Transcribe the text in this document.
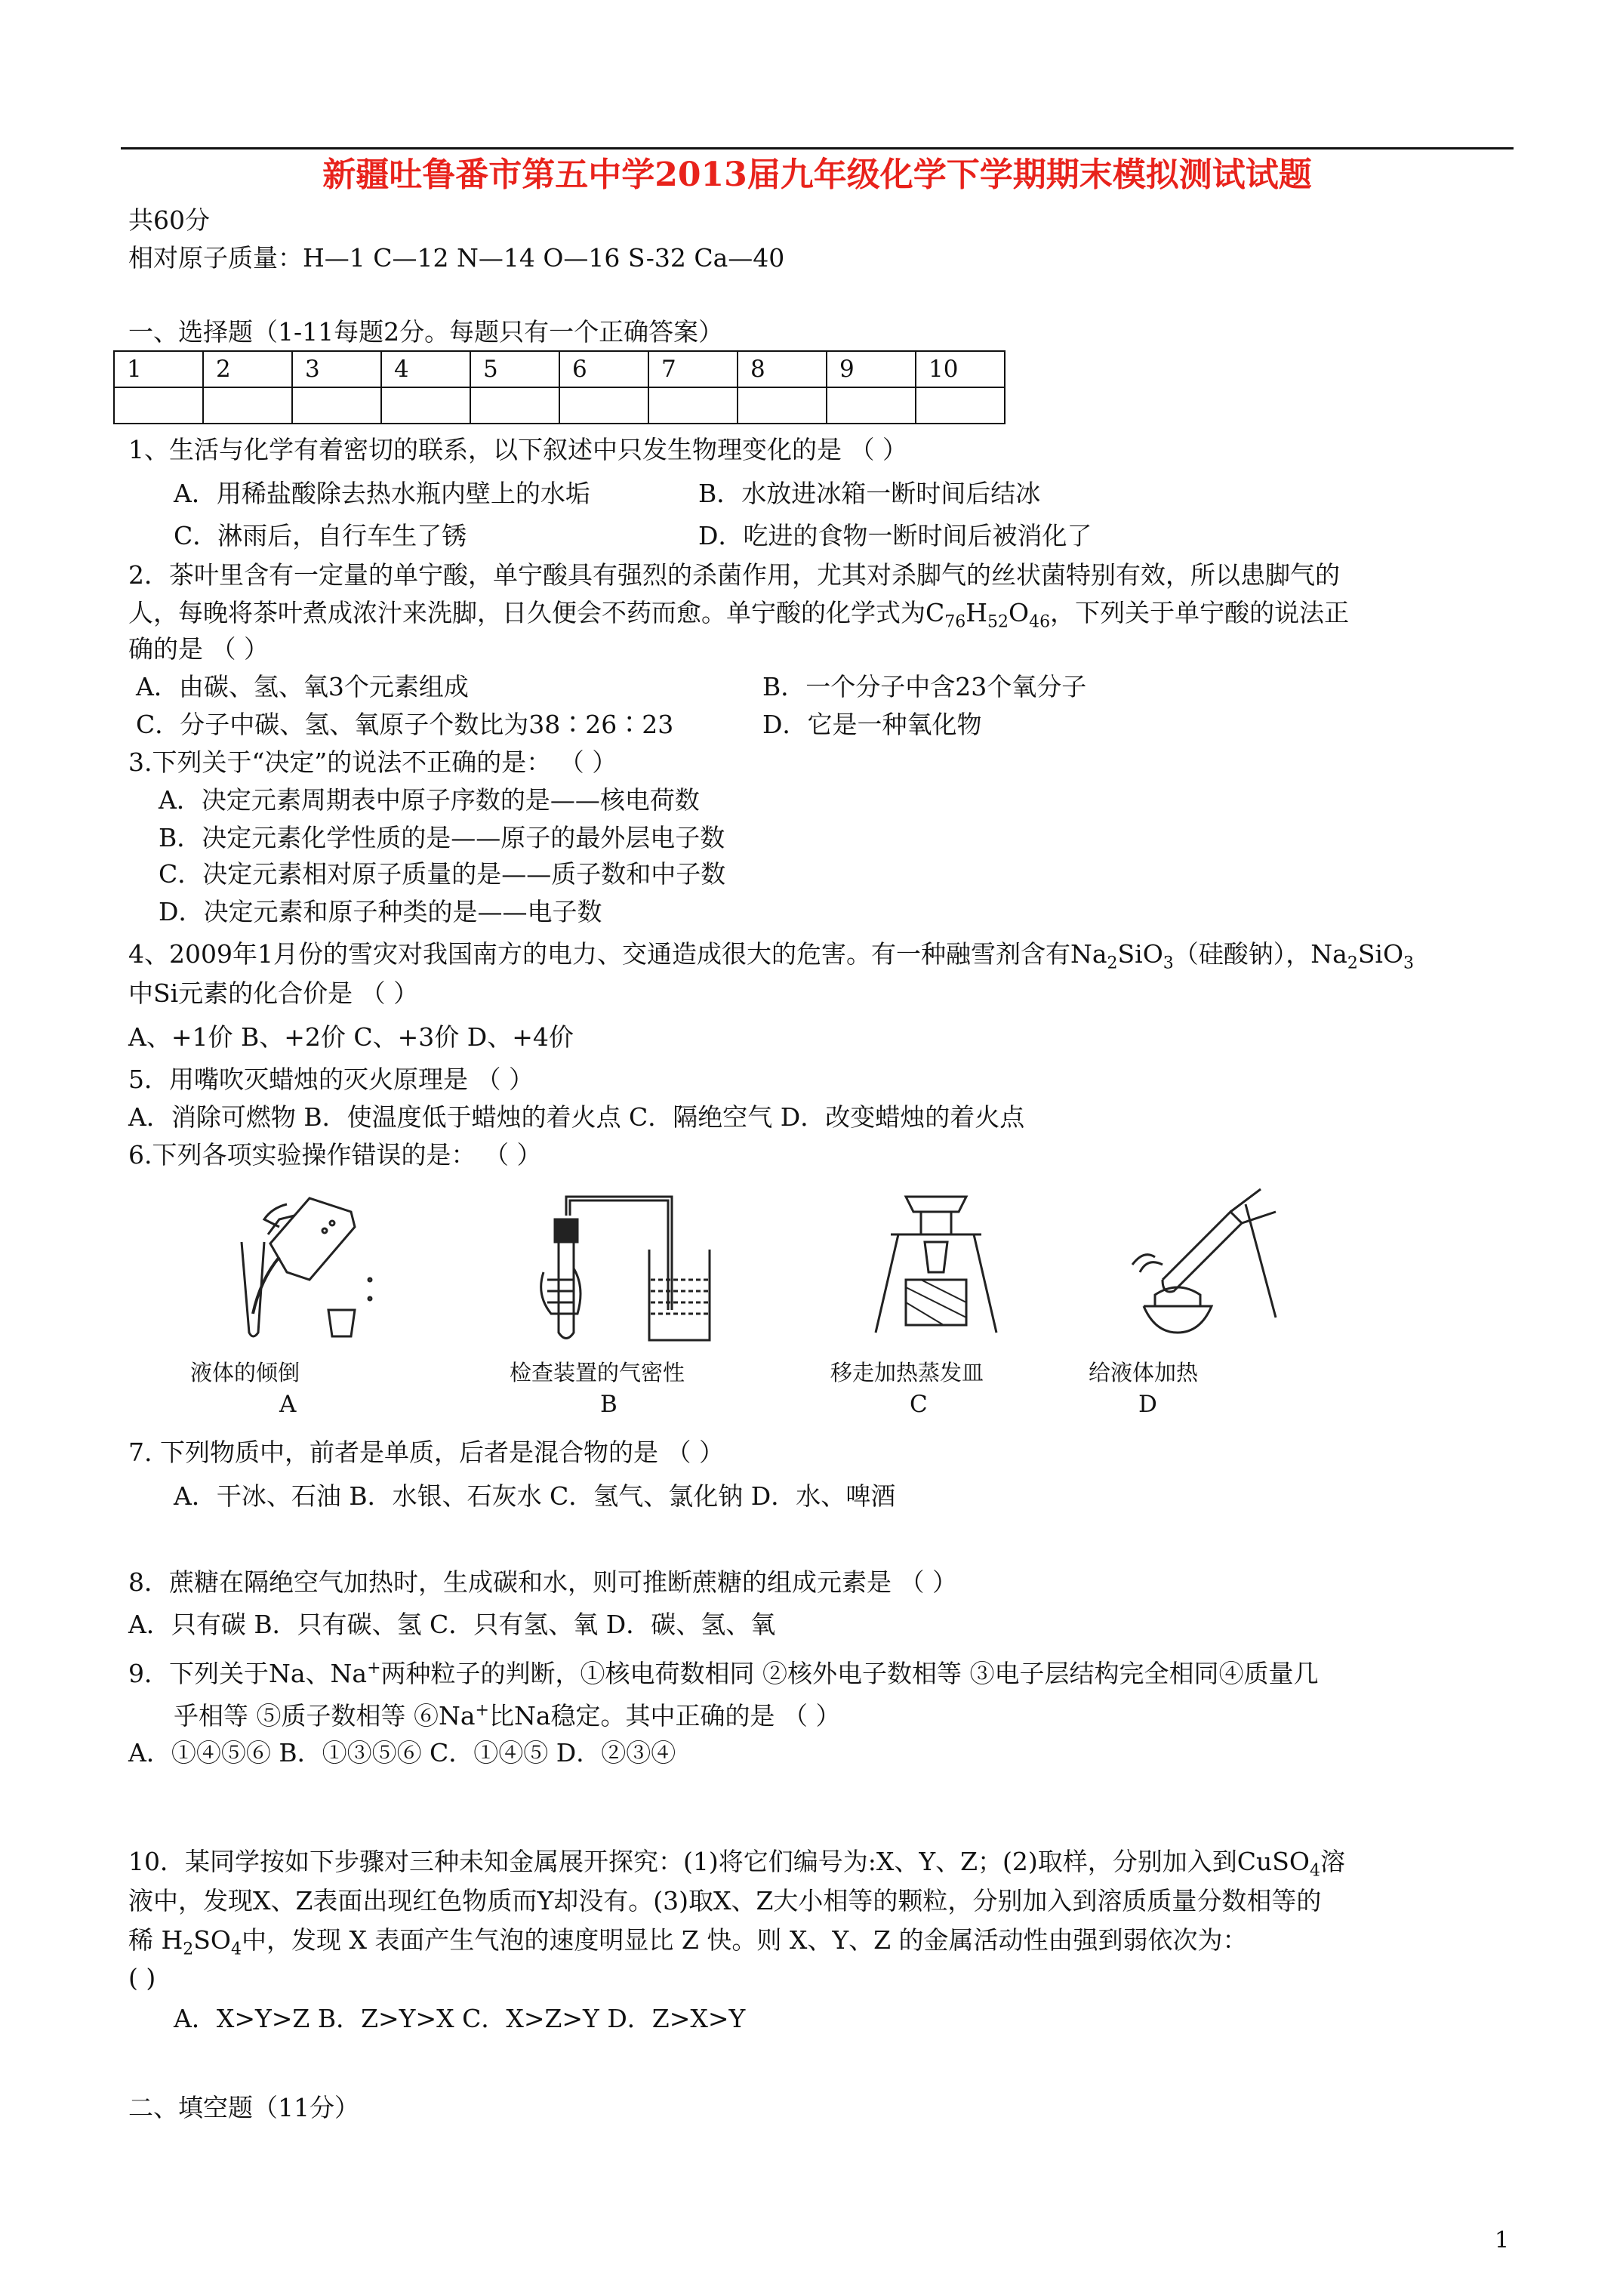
新疆吐鲁番市第五中学2013届九年级化学下学期期末模拟测试试题
共60分
相对原子质量：H—1 C—12 N—14 O—16 S-32 Ca—40
一、选择题（1-11每题2分。每题只有一个正确答案）
1	2	3	4	5	6	7	8	9	10

1、生活与化学有着密切的联系，以下叙述中只发生物理变化的是 （ ）
A．用稀盐酸除去热水瓶内壁上的水垢	B．水放进冰箱一断时间后结冰
C．淋雨后，自行车生了锈	D．吃进的食物一断时间后被消化了
2．茶叶里含有一定量的单宁酸，单宁酸具有强烈的杀菌作用，尤其对杀脚气的丝状菌特别有效，所以患脚气的
人，每晚将茶叶煮成浓汁来洗脚，日久便会不药而愈。单宁酸的化学式为$C_{76}H_{52}O_{46}$，下列关于单宁酸的说法正
确的是 （ ）
A．由碳、氢、氧3个元素组成	B．一个分子中含23个氧分子
C．分子中碳、氢、氧原子个数比为38∶26∶23	D．它是一种氧化物
3.下列关于“决定”的说法不正确的是： （ ）
A．决定元素周期表中原子序数的是——核电荷数
B．决定元素化学性质的是——原子的最外层电子数
C．决定元素相对原子质量的是——质子数和中子数
D．决定元素和原子种类的是——电子数
4、2009年1月份的雪灾对我国南方的电力、交通造成很大的危害。有一种融雪剂含有$Na_2SiO_3$（硅酸钠），$Na_2SiO_3$
中Si元素的化合价是 （ ）
A、+1价 B、+2价 C、+3价 D、+4价
5．用嘴吹灭蜡烛的灭火原理是 （ ）
A．消除可燃物 B．使温度低于蜡烛的着火点 C．隔绝空气 D．改变蜡烛的着火点
6.下列各项实验操作错误的是： （ ）
液体的倾倒
A
检查装置的气密性
B
移走加热蒸发皿
C
给液体加热
D
7. 下列物质中，前者是单质，后者是混合物的是 （ ）
A．干冰、石油 B．水银、石灰水 C．氢气、氯化钠 D．水、啤酒
8．蔗糖在隔绝空气加热时，生成碳和水，则可推断蔗糖的组成元素是 （ ）
A．只有碳 B．只有碳、氢 C．只有氢、氧 D．碳、氢、氧
9．下列关于Na、Na+两种粒子的判断，①核电荷数相同 ②核外电子数相等 ③电子层结构完全相同④质量几
乎相等 ⑤质子数相等 ⑥Na+比Na稳定。其中正确的是 （ ）
A．①④⑤⑥ B．①③⑤⑥ C．①④⑤ D．②③④
10．某同学按如下步骤对三种未知金属展开探究：(1)将它们编号为:X、Y、Z；(2)取样，分别加入到CuSO$_4$溶
液中，发现X、Z表面出现红色物质而Y却没有。(3)取X、Z大小相等的颗粒，分别加入到溶质质量分数相等的
稀 $H_2SO_4$中，发现 X 表面产生气泡的速度明显比 Z 快。则 X、Y、Z 的金属活动性由强到弱依次为：
( )
A．X>Y>Z B．Z>Y>X C．X>Z>Y D．Z>X>Y
二、填空题（11分）
1
